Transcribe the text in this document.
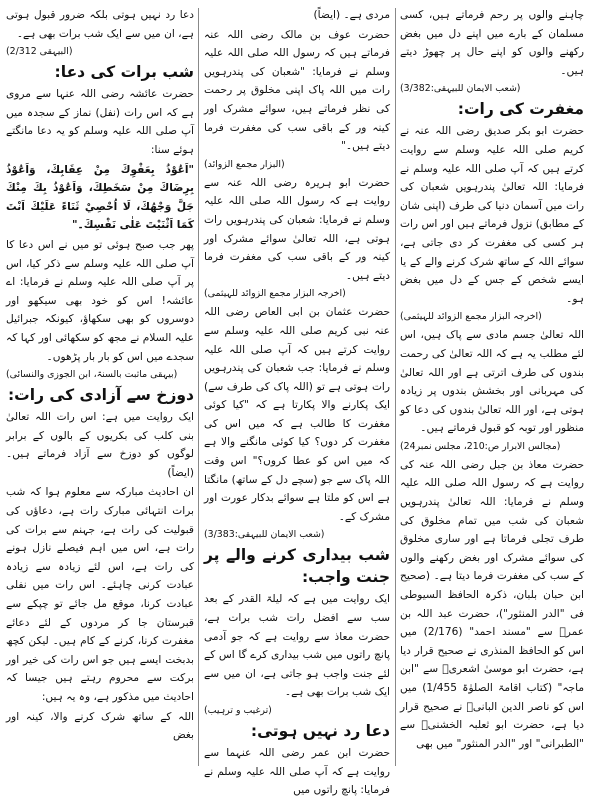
چاہنے والوں پر رحم فرماتے ہیں، کسی مسلمان کے بارے میں اپنے دل میں بغض رکھنے والوں کو اپنے حال پر چھوڑ دیتے ہیں۔
(شعب الایمان للبیہقی:3/382)
مغفرت کی رات:
حضرت ابو بکر صدیق رضی اللہ عنہ نے کریم صلی اللہ علیہ وسلم سے روایت کرتے ہیں کہ آپ صلی اللہ علیہ وسلم نے فرمایا: اللہ تعالیٰ پندرہویں شعبان کی رات میں آسمان دنیا کی طرف (اپنی شان کے مطابق) نزول فرماتے ہیں اور اس رات ہر کسی کی مغفرت کر دی جاتی ہے، سوائے اللہ کے ساتھ شرک کرنے والے کے یا ایسے شخص کے جس کے دل میں بغض ہو۔
(اخرجہ البزار مجمع الزوائد للہیثمی)
اللہ تعالیٰ جسم مادی سے پاک ہیں، اس لئے مطلب یہ ہے کہ اللہ تعالیٰ کی رحمت بندوں کی طرف اترتی ہے اور اللہ تعالیٰ کی مہربانی اور بخشش بندوں پر زیادہ ہوتی ہے، اور اللہ تعالیٰ بندوں کی دعا کو منظور اور توبہ کو قبول فرماتے ہیں۔
(مجالس الابرار ص:210، مجلس نمبر24)
حضرت معاذ بن جبل رضی اللہ عنہ کی روایت ہے کہ رسول اللہ صلی اللہ علیہ وسلم نے فرمایا: اللہ تعالیٰ پندرہویں شعبان کی شب میں تمام مخلوق کی طرف تجلی فرماتا ہے اور ساری مخلوق کی سوائے مشرک اور بغض رکھنے والوں کے سب کی مغفرت فرما دیتا ہے۔ (صحیح ابن حبان بلبان، ذکرہ الحافظ السیوطی فی "الدر المنثور")، حضرت عبد اللہ بن عمرؓ سے "مسند احمد" (2/176) میں اس کو الحافظ المنذری نے صحیح قرار دیا ہے، حضرت ابو موسیٰ اشعریؓ سے "ابن ماجہ" (کتاب اقامۃ الصلوٰۃ 1/455) میں اس کو ناصر الدین البانیؒ نے صحیح قرار دیا ہے، حضرت ابو ثعلبہ الخشنیؓ سے "الطبرانی" اور "الدر المنثور" میں بھی
مردی ہے۔ (ایضاً)
حضرت عوف بن مالک رضی اللہ عنہ فرماتے ہیں کہ رسول اللہ صلی اللہ علیہ وسلم نے فرمایا: "شعبان کی پندرہویں رات میں اللہ پاک اپنی مخلوق پر رحمت کی نظر فرماتے ہیں، سوائے مشرک اور کینہ ور کے باقی سب کی مغفرت فرما دیتے ہیں۔"
(البزار مجمع الزوائد)
حضرت ابو ہریرہ رضی اللہ عنہ سے روایت ہے کہ رسول اللہ صلی اللہ علیہ وسلم نے فرمایا: شعبان کی پندرہویں رات ہوتی ہے، اللہ تعالیٰ سوائے مشرک اور کینہ ور کے باقی سب کی مغفرت فرما دیتے ہیں۔
(اخرجہ البزار مجمع الزوائد للہیثمی)
حضرت عثمان بن ابی العاص رضی اللہ عنہ نبی کریم صلی اللہ علیہ وسلم سے روایت کرتے ہیں کہ آپ صلی اللہ علیہ وسلم نے فرمایا: جب شعبان کی پندرہویں رات ہوتی ہے تو (اللہ پاک کی طرف سے) ایک پکارنے والا پکارتا ہے کہ "کیا کوئی مغفرت کا طالب ہے کہ میں اس کی مغفرت کر دوں؟ کیا کوئی مانگنے والا ہے کہ میں اس کو عطا کروں؟" اس وقت اللہ پاک سے جو (سچے دل کے ساتھ) مانگتا ہے اس کو ملتا ہے سوائے بدکار عورت اور مشرک کے۔
(شعب الایمان للبیہقی:3/383)
شب بیداری کرنے والے پر جنت واجب:
ایک روایت میں ہے کہ لیلۃ القدر کے بعد سب سے افضل رات شب برات ہے، حضرت معاذ سے روایت ہے کہ جو آدمی پانچ راتوں میں شب بیداری کرے گا اس کے لئے جنت واجب ہو جاتی ہے، ان میں سے ایک شب برات بھی ہے۔
(ترغیب و ترہیب)
دعا رد نہیں ہوتی:
حضرت ابن عمر رضی اللہ عنہما سے روایت ہے کہ آپ صلی اللہ علیہ وسلم نے فرمایا: پانچ راتوں میں
دعا رد نہیں ہوتی بلکہ ضرور قبول ہوتی ہے، ان میں سے ایک شب برات بھی ہے۔
(البیہقی 2/312)
شب برات کی دعا:
حضرت عائشہ رضی اللہ عنہا سے مروی ہے کہ اس رات (نفل) نماز کے سجدہ میں آپ صلی اللہ علیہ وسلم کو یہ دعا مانگتے ہوئے سنا:
"اَعُوْذُ بِعَفْوِكَ مِنْ عِقَابِكَ، وَاَعُوْذُ بِرِضَاكَ مِنْ سَخَطِكَ، وَاَعُوْذُ بِكَ مِنْكَ جَلَّ وَجْهُكَ، لَا اُحْصِيْ ثَنَاءً عَلَيْكَ اَنْتَ كَمَا اَثْنَيْتَ عَلٰى نَفْسِكَ۔"
پھر جب صبح ہوئی تو میں نے اس دعا کا آپ صلی اللہ علیہ وسلم سے ذکر کیا، اس پر آپ صلی اللہ علیہ وسلم نے فرمایا: اے عائشہ! اس کو خود بھی سیکھو اور دوسروں کو بھی سکھاؤ، کیونکہ جبرائیل علیہ السلام نے مجھ کو سکھائی اور کہا کہ سجدے میں اس کو بار بار پڑھوں۔
(بیہقی ماثبت بالسنۃ، ابن الجوزی والنسائی)
دوزخ سے آزادی کی رات:
ایک روایت میں ہے: اس رات اللہ تعالیٰ بنی کلب کی بکریوں کے بالوں کے برابر لوگوں کو دوزخ سے آزاد فرماتے ہیں۔ (ایضاً)
ان احادیث مبارکہ سے معلوم ہوا کہ شب برات انتہائی مبارک رات ہے، دعاؤں کی قبولیت کی رات ہے، جہنم سے برات کی رات ہے، اس میں اہم فیصلے نازل ہونے کی رات ہے، اس لئے زیادہ سے زیادہ عبادت کرنی چاہئے۔ اس رات میں نفلی عبادت کرنا، موقع مل جائے تو چپکے سے قبرستان جا کر مردوں کے لئے دعائے مغفرت کرنا، کرنے کے کام ہیں۔ لیکن کچھ بدبخت ایسے ہیں جو اس رات کی خیر اور برکت سے محروم رہتے ہیں جیسا کہ احادیث میں مذکور ہے، وہ یہ ہیں:
اللہ کے ساتھ شرک کرنے والا، کینہ اور بغض
